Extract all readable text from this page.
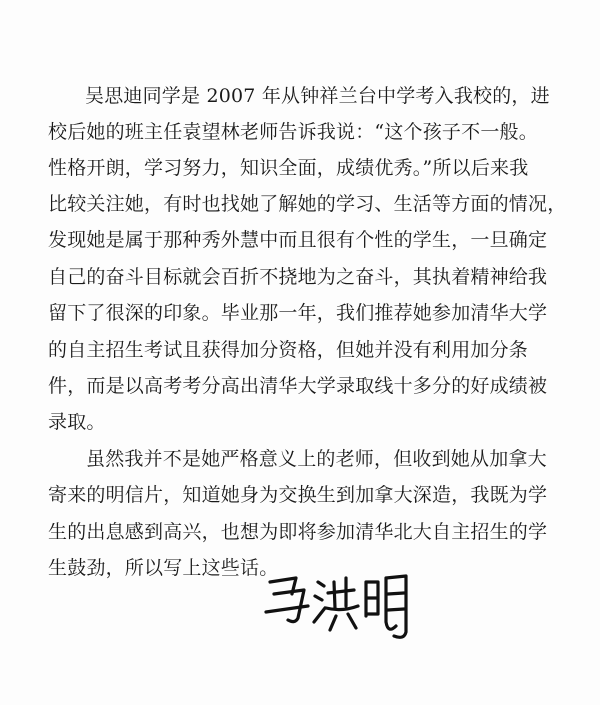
吴思迪同学是 2007 年从钟祥兰台中学考入我校的，进
校后她的班主任袁望林老师告诉我说：“这个孩子不一般。
性格开朗，学习努力，知识全面，成绩优秀。”所以后来我
比较关注她，有时也找她了解她的学习、生活等方面的情况，
发现她是属于那种秀外慧中而且很有个性的学生，一旦确定
自己的奋斗目标就会百折不挠地为之奋斗，其执着精神给我
留下了很深的印象。毕业那一年，我们推荐她参加清华大学
的自主招生考试且获得加分资格，但她并没有利用加分条
件，而是以高考考分高出清华大学录取线十多分的好成绩被
录取。
虽然我并不是她严格意义上的老师，但收到她从加拿大
寄来的明信片，知道她身为交换生到加拿大深造，我既为学
生的出息感到高兴，也想为即将参加清华北大自主招生的学
生鼓劲，所以写上这些话。
